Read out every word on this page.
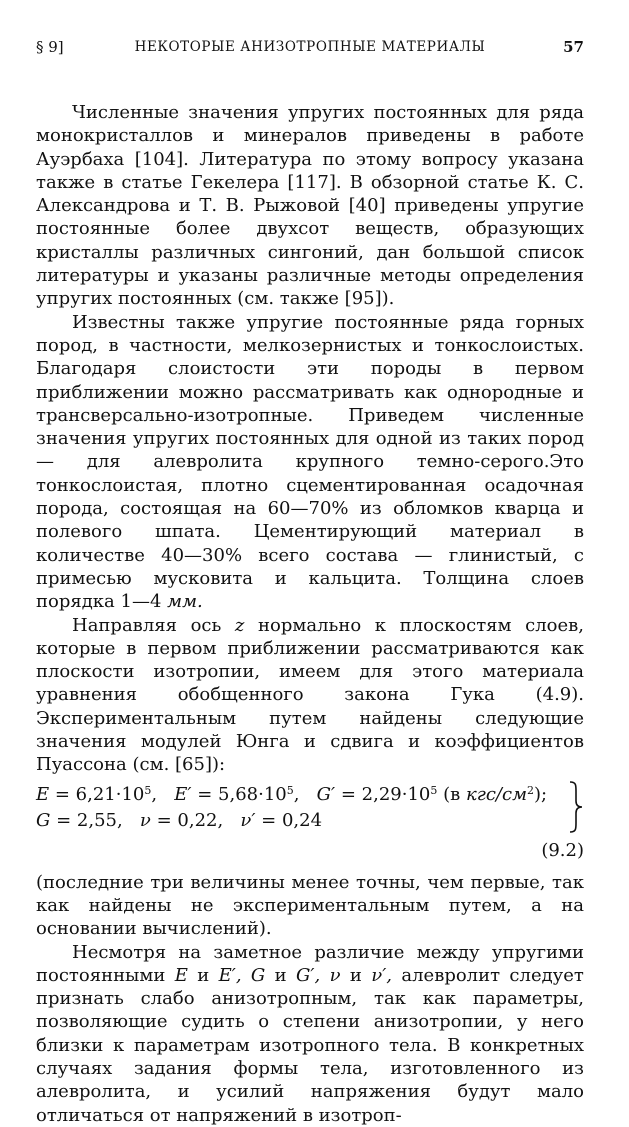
§ 9]	НЕКОТОРЫЕ АНИЗОТРОПНЫЕ МАТЕРИАЛЫ	57

Численные значения упругих постоянных для ряда монокристаллов и минералов приведены в работе Ауэрбаха [104]. Литература по этому вопросу указана также в статье Гекелера [117]. В обзорной статье К. С. Александрова и Т. В. Рыжовой [40] приведены упругие постоянные более двухсот веществ, образующих кристаллы различных сингоний, дан большой список литературы и указаны различные методы определения упругих постоянных (см. также [95]).

Известны также упругие постоянные ряда горных пород, в частности, мелкозернистых и тонкослоистых. Благодаря слоистости эти породы в первом приближении можно рассматривать как однородные и трансверсально-изотропные. Приведем численные значения упругих постоянных для одной из таких пород — для алевролита крупного темно-серого.Это тонкослоистая, плотно сцементированная осадочная порода, состоящая на 60—70% из обломков кварца и полевого шпата. Цементирующий материал в количестве 40—30% всего состава — глинистый, с примесью мусковита и кальцита. Толщина слоев порядка 1—4 мм.

Направляя ось z нормально к плоскостям слоев, которые в первом приближении рассматриваются как плоскости изотропии, имеем для этого материала уравнения обобщенного закона Гука (4.9). Экспериментальным путем найдены следующие значения модулей Юнга и сдвига и коэффициентов Пуассона (см. [65]):

$E = 6,21\cdot 10^5$,   $E' = 5,68\cdot 10^5$,   $G' = 2,29\cdot 10^5$ (в кгс/$см^2$);
G = 2,55, ν = 0,22, ν′ = 0,24
(9.2)

(последние три величины менее точны, чем первые, так как найдены не экспериментальным путем, а на основании вычислений).

Несмотря на заметное различие между упругими постоянными E и E′, G и G′, ν и ν′, алевролит следует признать слабо анизотропным, так как параметры, позволяющие судить о степени анизотропии, у него близки к параметрам изотропного тела. В конкретных случаях задания формы тела, изготовленного из алевролита, и усилий напряжения будут мало отличаться от напряжений в изотроп-
